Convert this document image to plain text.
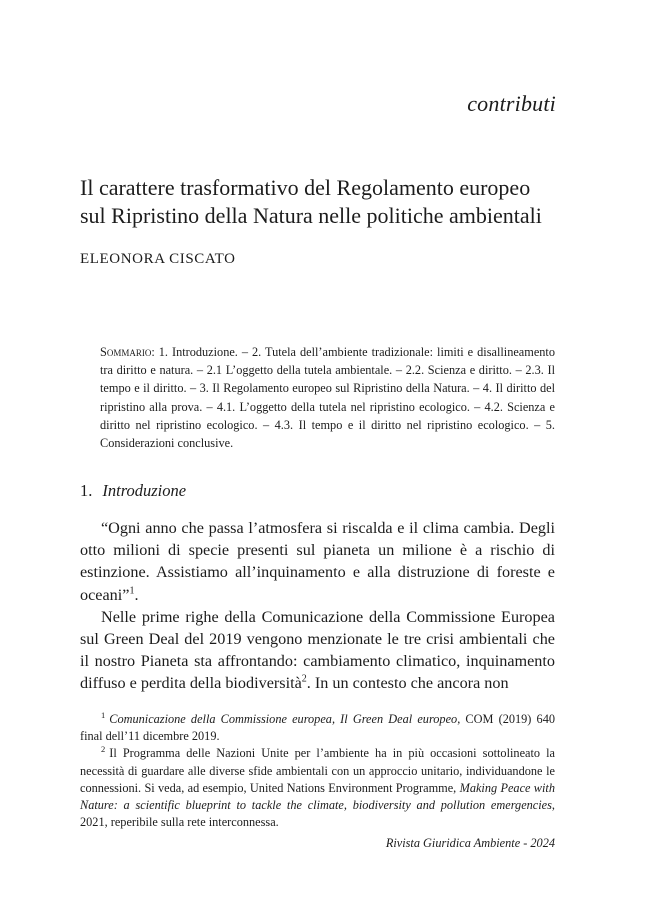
contributi
Il carattere trasformativo del Regolamento europeo
sul Ripristino della Natura nelle politiche ambientali
ELEONORA CISCATO
Sommario: 1. Introduzione. – 2. Tutela dell’ambiente tradizionale: limiti e disallineamento tra diritto e natura. – 2.1 L’oggetto della tutela ambientale. – 2.2. Scienza e diritto. – 2.3. Il tempo e il diritto. – 3. Il Regolamento europeo sul Ripristino della Natura. – 4. Il diritto del ripristino alla prova. – 4.1. L’oggetto della tutela nel ripristino ecologico. – 4.2. Scienza e diritto nel ripristino ecologico. – 4.3. Il tempo e il diritto nel ripristino ecologico. – 5. Considerazioni conclusive.
1. Introduzione

“Ogni anno che passa l’atmosfera si riscalda e il clima cambia. Degli otto milioni di specie presenti sul pianeta un milione è a rischio di estinzione. Assistiamo all’inquinamento e alla distruzione di foreste e oceani”$^1$.

Nelle prime righe della Comunicazione della Commissione Europea sul Green Deal del 2019 vengono menzionate le tre crisi ambientali che il nostro Pianeta sta affrontando: cambiamento climatico, inquinamento diffuso e perdita della biodiversità$^2$. In un contesto che ancora non

$^1$ Comunicazione della Commissione europea, Il Green Deal europeo, COM (2019) 640 final dell’11 dicembre 2019.

$^2$ Il Programma delle Nazioni Unite per l’ambiente ha in più occasioni sottolineato la necessità di guardare alle diverse sfide ambientali con un approccio unitario, individuandone le connessioni. Si veda, ad esempio, United Nations Environment Programme, Making Peace with Nature: a scientific blueprint to tackle the climate, biodiversity and pollution emergencies, 2021, reperibile sulla rete interconnessa.

Rivista Giuridica Ambiente - 2024
